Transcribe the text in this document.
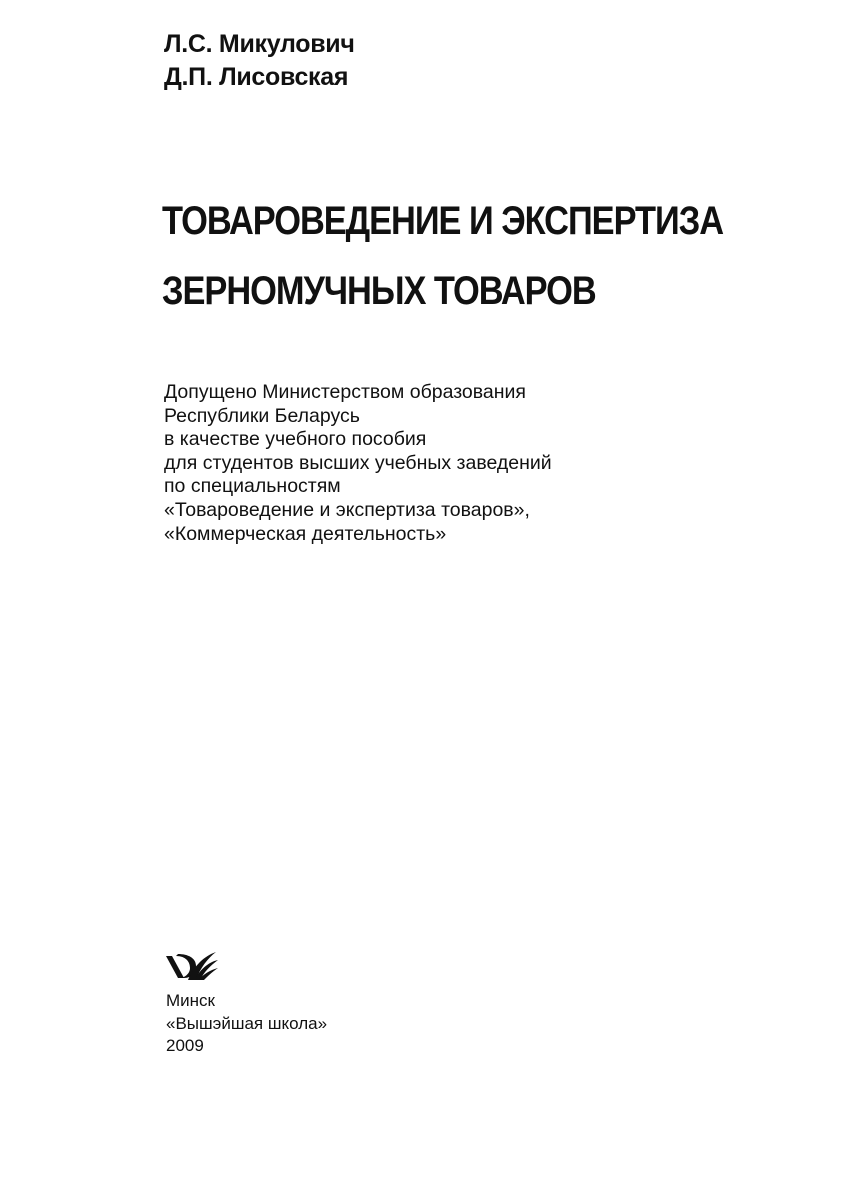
Л.С. Микулович
Д.П. Лисовская
ТОВАРОВЕДЕНИЕ И ЭКСПЕРТИЗА
ЗЕРНОМУЧНЫХ ТОВАРОВ
Допущено Министерством образования
Республики Беларусь
в качестве учебного пособия
для студентов высших учебных заведений
по специальностям
«Товароведение и экспертиза товаров»,
«Коммерческая деятельность»
Минск
«Вышэйшая школа»
2009
